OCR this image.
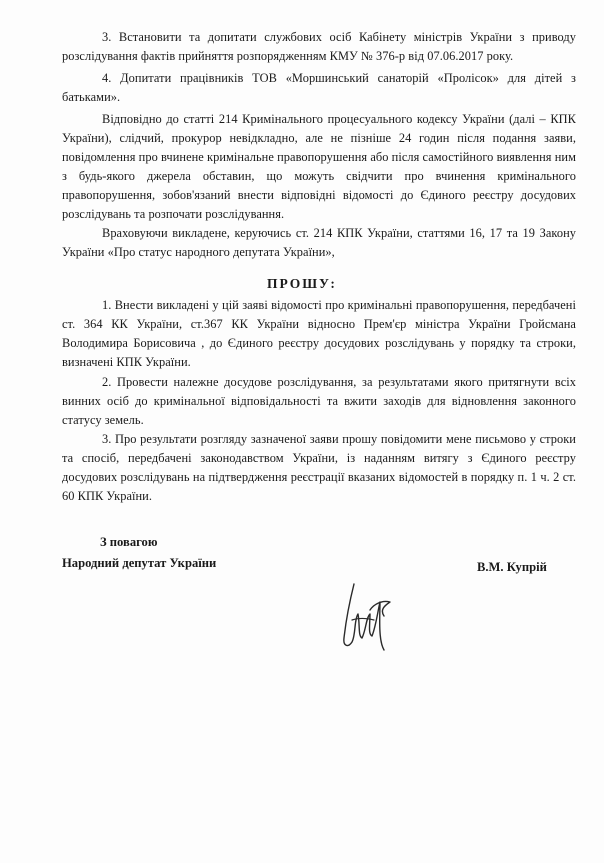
3. Встановити та допитати службових осіб Кабінету міністрів України з приводу розслідування фактів прийняття розпорядженням КМУ № 376-р від 07.06.2017 року.

4. Допитати працівників ТОВ «Моршинський санаторій «Пролісок» для дітей з батьками».

Відповідно до статті 214 Кримінального процесуального кодексу України (далі – КПК України), слідчий, прокурор невідкладно, але не пізніше 24 годин після подання заяви, повідомлення про вчинене кримінальне правопорушення або після самостійного виявлення ним з будь-якого джерела обставин, що можуть свідчити про вчинення кримінального правопорушення, зобов'язаний внести відповідні відомості до Єдиного реєстру досудових розслідувань та розпочати розслідування.

Враховуючи викладене, керуючись ст. 214 КПК України, статтями 16, 17 та 19 Закону України «Про статус народного депутата України»,

ПРОШУ:

1. Внести викладені у цій заяві відомості про кримінальні правопорушення, передбачені ст. 364 КК України, ст.367 КК України відносно Прем'єр міністра України Гройсмана Володимира Борисовича , до Єдиного реєстру досудових розслідувань у порядку та строки, визначені КПК України.

2. Провести належне досудове розслідування, за результатами якого притягнути всіх винних осіб до кримінальної відповідальності та вжити заходів для відновлення законного статусу земель.

3. Про результати розгляду зазначеної заяви прошу повідомити мене письмово у строки та спосіб, передбачені законодавством України, із наданням витягу з Єдиного реєстру досудових розслідувань на підтвердження реєстрації вказаних відомостей в порядку п. 1 ч. 2 ст. 60 КПК України.

З повагою

Народний депутат України	В.М. Купрій
